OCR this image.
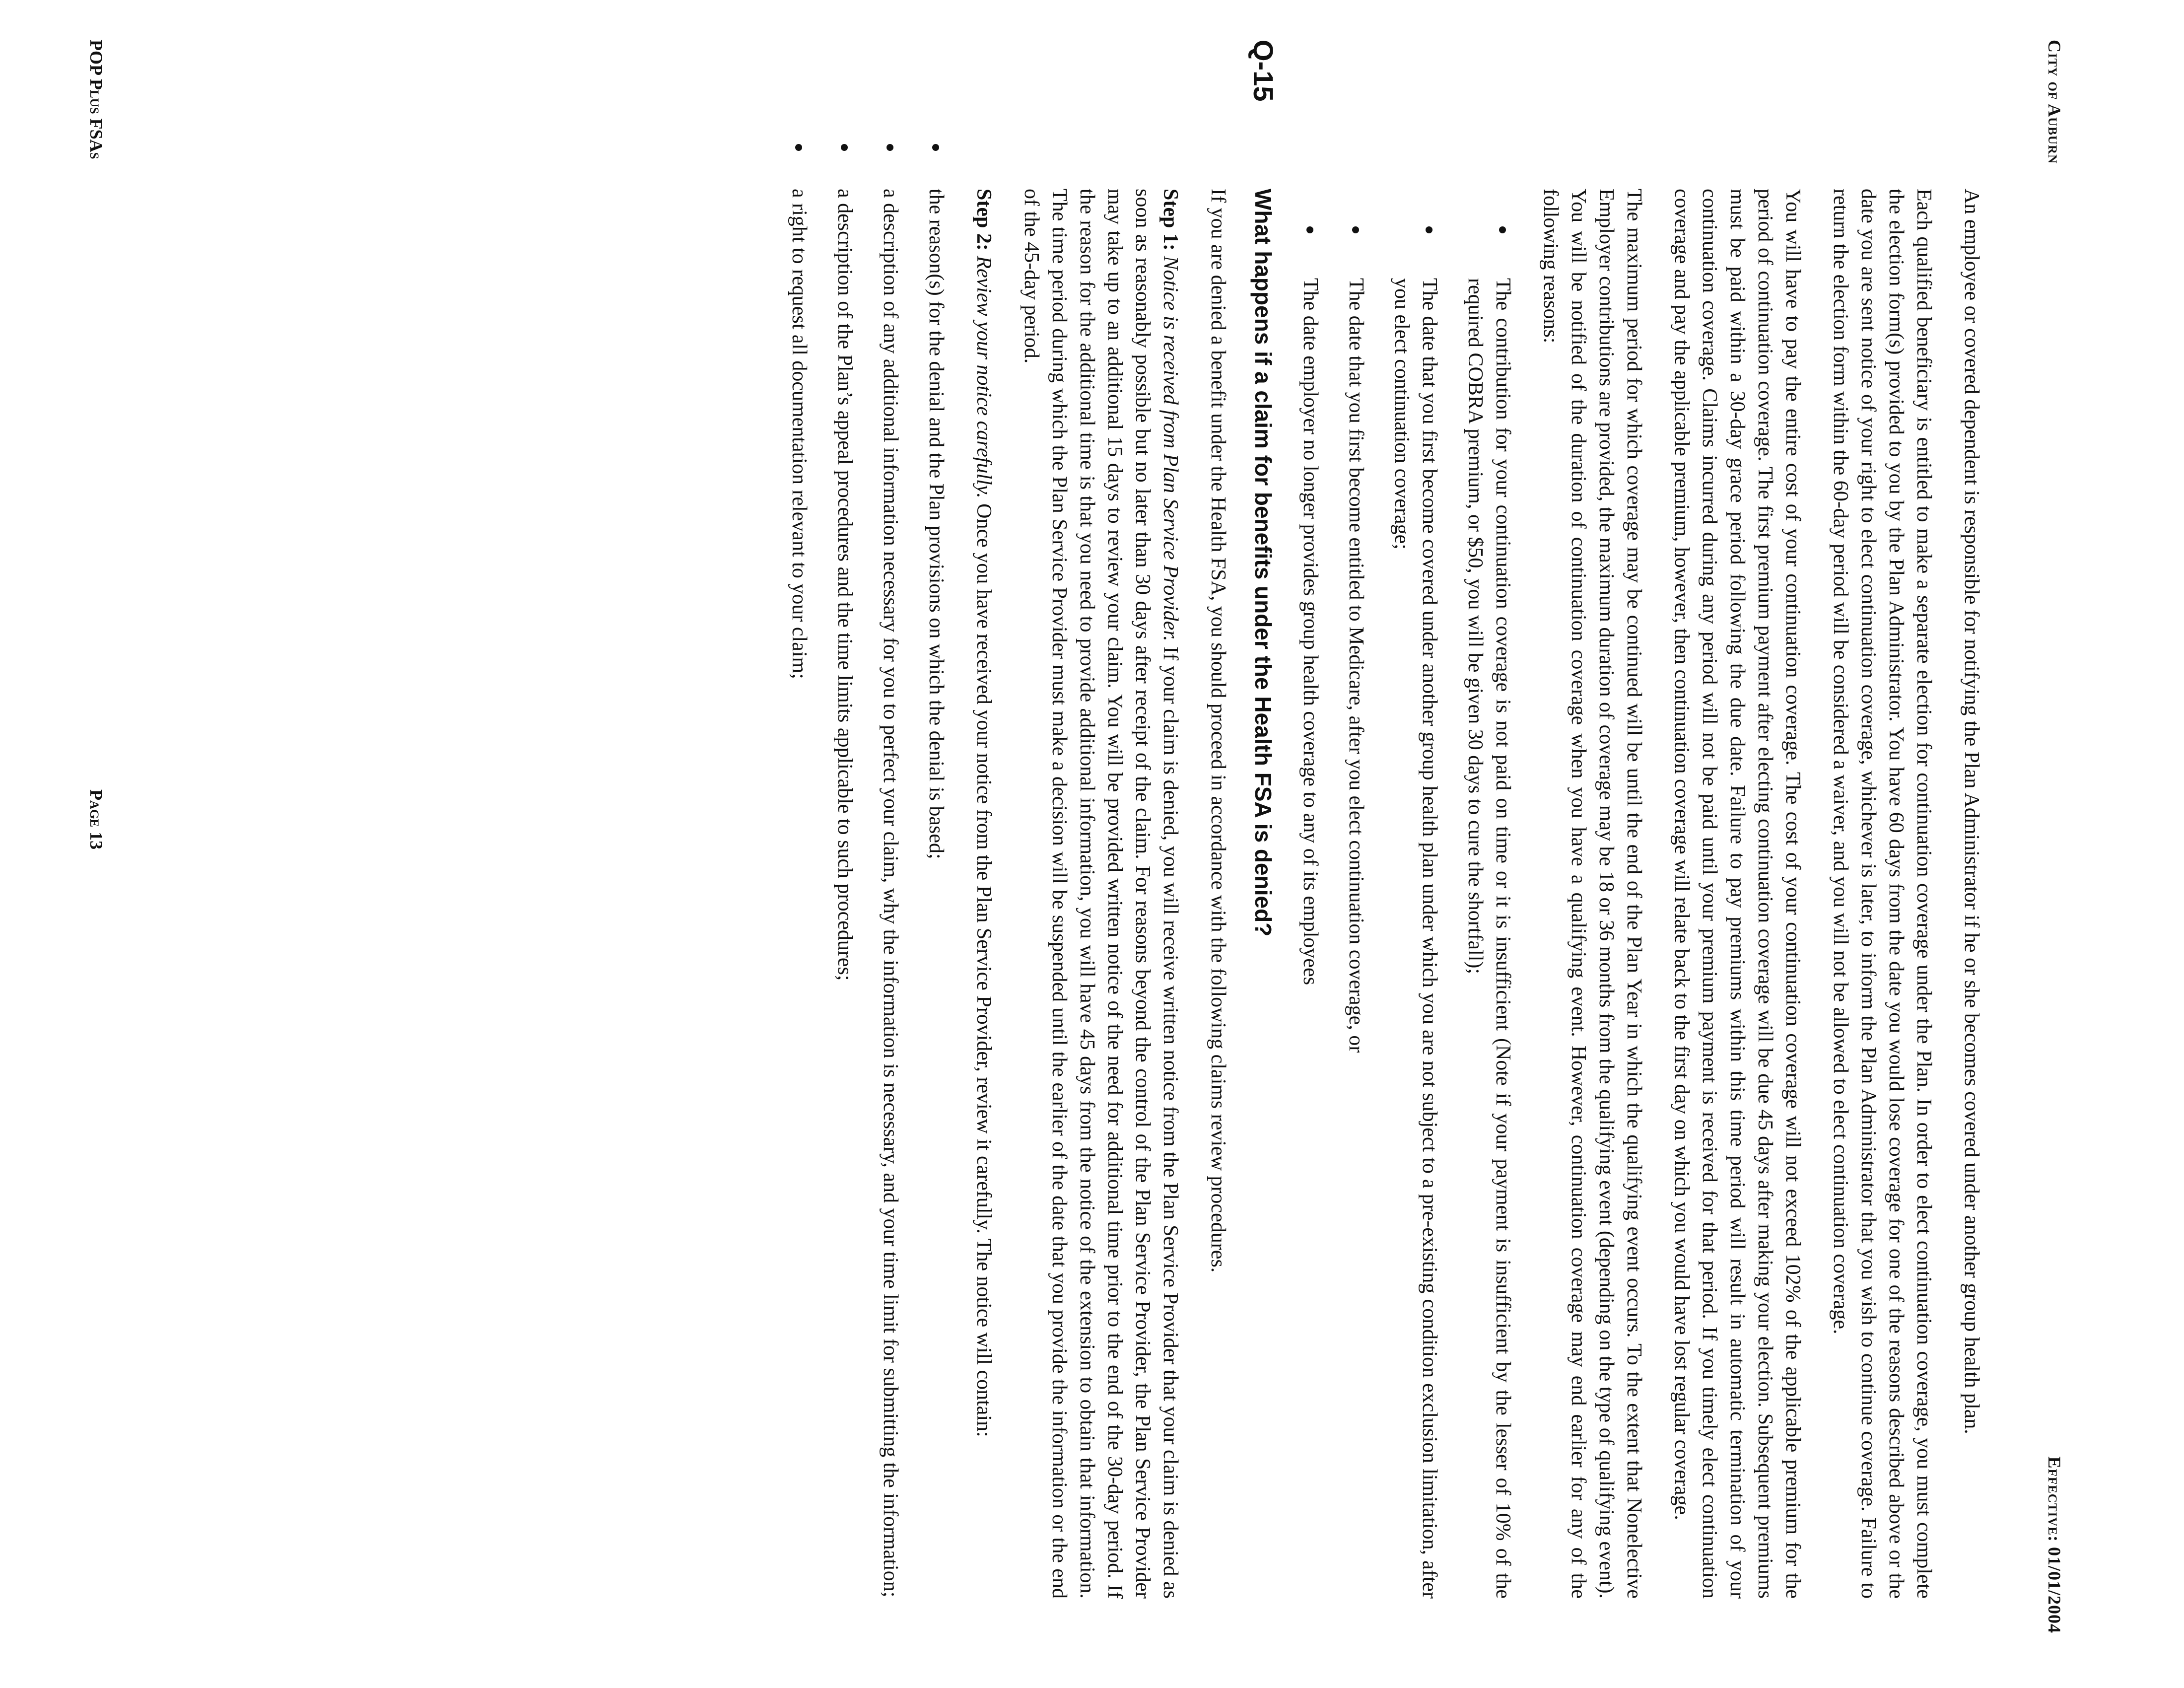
City of Auburn
Effective: 01/01/2004

An employee or covered dependent is responsible for notifying the Plan Administrator if he or she becomes covered under another group health plan.

Each qualified beneficiary is entitled to make a separate election for continuation coverage under the Plan. In order to elect continuation coverage, you must complete the election form(s) provided to you by the Plan Administrator. You have 60 days from the date you would lose coverage for one of the reasons described above or the date you are sent notice of your right to elect continuation coverage, whichever is later, to inform the Plan Administrator that you wish to continue coverage. Failure to return the election form within the 60-day period will be considered a waiver, and you will not be allowed to elect continuation coverage.

You will have to pay the entire cost of your continuation coverage. The cost of your continuation coverage will not exceed 102% of the applicable premium for the period of continuation coverage. The first premium payment after electing continuation coverage will be due 45 days after making your election. Subsequent premiums must be paid within a 30-day grace period following the due date. Failure to pay premiums within this time period will result in automatic termination of your continuation coverage. Claims incurred during any period will not be paid until your premium payment is received for that period. If you timely elect continuation coverage and pay the applicable premium, however, then continuation coverage will relate back to the first day on which you would have lost regular coverage.

The maximum period for which coverage may be continued will be until the end of the Plan Year in which the qualifying event occurs. To the extent that Nonelective Employer contributions are provided, the maximum duration of coverage may be 18 or 36 months from the qualifying event (depending on the type of qualifying event). You will be notified of the duration of continuation coverage when you have a qualifying event. However, continuation coverage may end earlier for any of the following reasons:

The contribution for your continuation coverage is not paid on time or it is insufficient (Note if your payment is insufficient by the lesser of 10% of the required COBRA premium, or $50, you will be given 30 days to cure the shortfall);
The date that you first become covered under another group health plan under which you are not subject to a pre-existing condition exclusion limitation, after you elect continuation coverage;
The date that you first become entitled to Medicare, after you elect continuation coverage, or
The date employer no longer provides group health coverage to any of its employees
Q-15
What happens if a claim for benefits under the Health FSA is denied?

If you are denied a benefit under the Health FSA, you should proceed in accordance with the following claims review procedures.

Step 1: Notice is received from Plan Service Provider. If your claim is denied, you will receive written notice from the Plan Service Provider that your claim is denied as soon as reasonably possible but no later than 30 days after receipt of the claim. For reasons beyond the control of the Plan Service Provider, the Plan Service Provider may take up to an additional 15 days to review your claim. You will be provided written notice of the need for additional time prior to the end of the 30-day period. If the reason for the additional time is that you need to provide additional information, you will have 45 days from the notice of the extension to obtain that information. The time period during which the Plan Service Provider must make a decision will be suspended until the earlier of the date that you provide the information or the end of the 45-day period.

Step 2: Review your notice carefully. Once you have received your notice from the Plan Service Provider, review it carefully. The notice will contain:

the reason(s) for the denial and the Plan provisions on which the denial is based;
a description of any additional information necessary for you to perfect your claim, why the information is necessary, and your time limit for submitting the information;
a description of the Plan’s appeal procedures and the time limits applicable to such procedures;
a right to request all documentation relevant to your claim;
POP Plus FSAs
Page 13
